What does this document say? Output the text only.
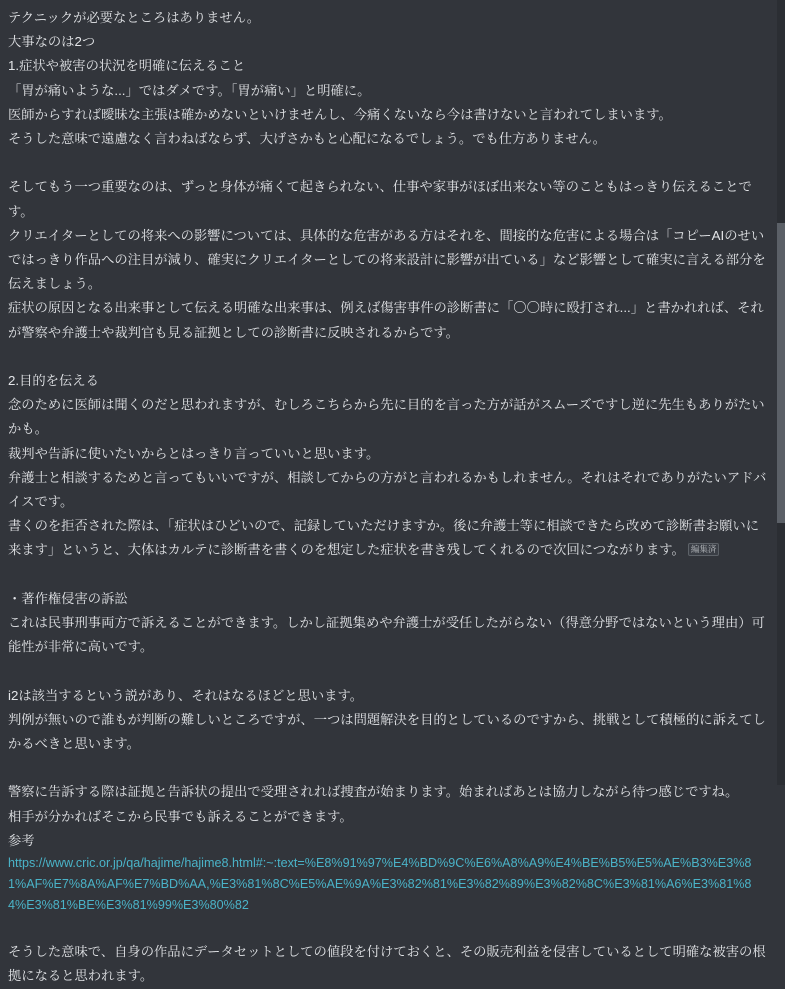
テクニックが必要なところはありません。
大事なのは2つ
1.症状や被害の状況を明確に伝えること
「胃が痛いような...」ではダメです。「胃が痛い」と明確に。
医師からすれば曖昧な主張は確かめないといけませんし、今痛くないなら今は書けないと言われてしまいます。
そうした意味で遠慮なく言わねばならず、大げさかもと心配になるでしょう。でも仕方ありません。
そしてもう一つ重要なのは、ずっと身体が痛くて起きられない、仕事や家事がほぼ出来ない等のこともはっきり伝えることです。
クリエイターとしての将来への影響については、具体的な危害がある方はそれを、間接的な危害による場合は「コピーAIのせいではっきり作品への注目が減り、確実にクリエイターとしての将来設計に影響が出ている」など影響として確実に言える部分を伝えましょう。
症状の原因となる出来事として伝える明確な出来事は、例えば傷害事件の診断書に「〇〇時に殴打され...」と書かれれば、それが警察や弁護士や裁判官も見る証拠としての診断書に反映されるからです。
2.目的を伝える
念のために医師は聞くのだと思われますが、むしろこちらから先に目的を言った方が話がスムーズですし逆に先生もありがたいかも。
裁判や告訴に使いたいからとはっきり言っていいと思います。
弁護士と相談するためと言ってもいいですが、相談してからの方がと言われるかもしれません。それはそれでありがたいアドバイスです。
書くのを拒否された際は、「症状はひどいので、記録していただけますか。後に弁護士等に相談できたら改めて診断書お願いに来ます」というと、大体はカルテに診断書を書くのを想定した症状を書き残してくれるので次回につながります。 編集済
・著作権侵害の訴訟
これは民事刑事両方で訴えることができます。しかし証拠集めや弁護士が受任したがらない（得意分野ではないという理由）可能性が非常に高いです。
i2は該当するという説があり、それはなるほどと思います。
判例が無いので誰もが判断の難しいところですが、一つは問題解決を目的としているのですから、挑戦として積極的に訴えてしかるべきと思います。
警察に告訴する際は証拠と告訴状の提出で受理されれば捜査が始まります。始まればあとは協力しながら待つ感じですね。
相手が分かればそこから民事でも訴えることができます。
参考
https://www.cric.or.jp/qa/hajime/hajime8.html#:~:text=%E8%91%97%E4%BD%9C%E6%A8%A9%E4%BE%B5%E5%AE%B3%E3%81%AF%E7%8A%AF%E7%BD%AA,%E3%81%8C%E5%AE%9A%E3%82%81%E3%82%89%E3%82%8C%E3%81%A6%E3%81%84%E3%81%BE%E3%81%99%E3%80%82
そうした意味で、自身の作品にデータセットとしての値段を付けておくと、その販売利益を侵害しているとして明確な被害の根拠になると思われます。
